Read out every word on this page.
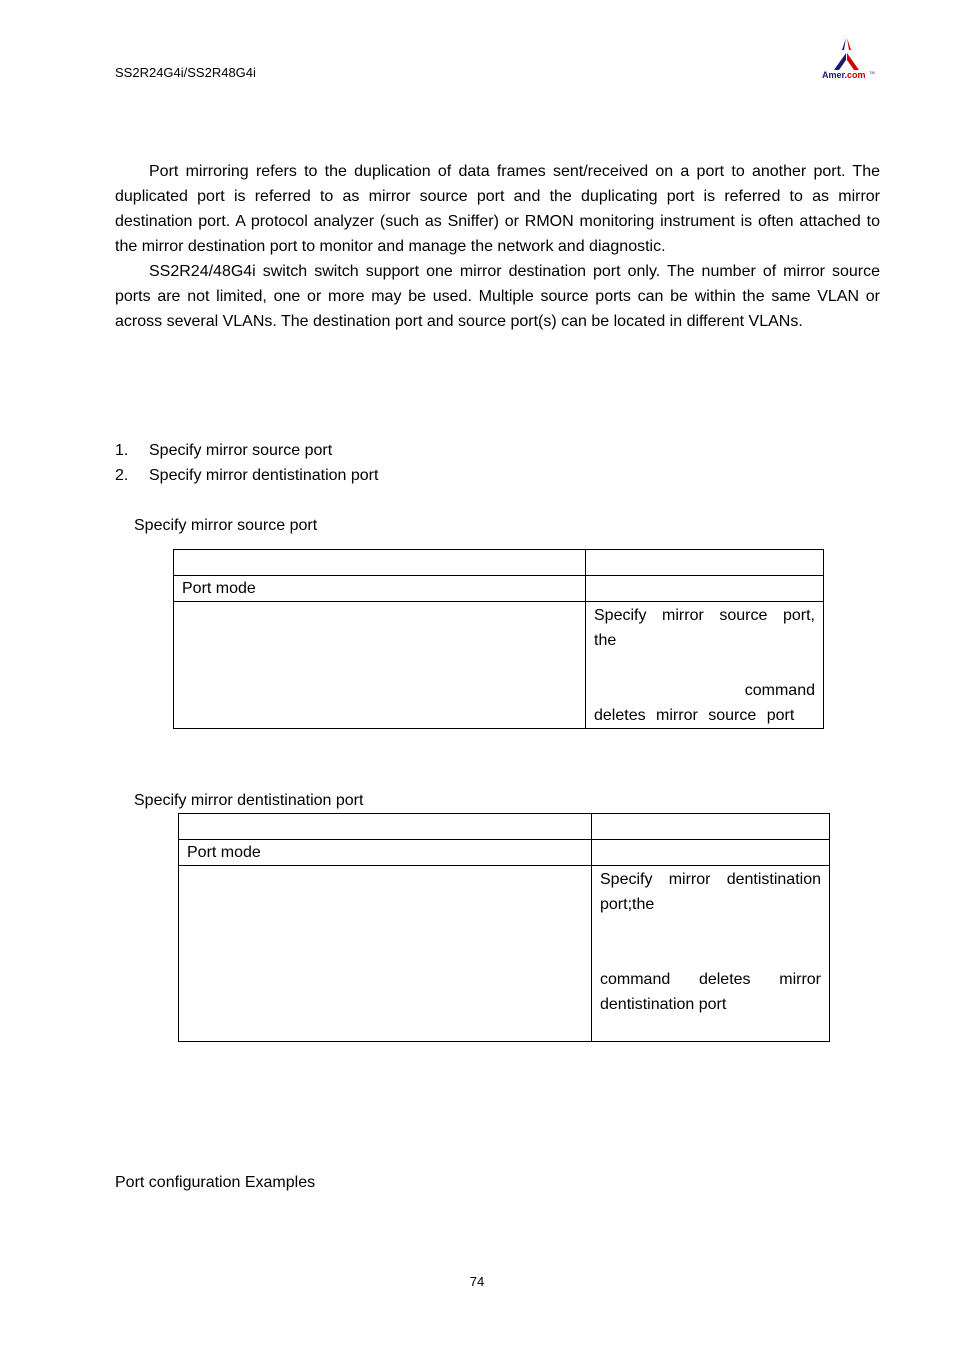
SS2R24G4i/SS2R48G4i	Amer.com TM

Port mirroring refers to the duplication of data frames sent/received on a port to another port. The duplicated port is referred to as mirror source port and the duplicating port is referred to as mirror destination port. A protocol analyzer (such as Sniffer) or RMON monitoring instrument is often attached to the mirror destination port to monitor and manage the network and diagnostic.

SS2R24/48G4i switch switch support one mirror destination port only. The number of mirror source ports are not limited, one or more may be used. Multiple source ports can be within the same VLAN or across several VLANs. The destination port and source port(s) can be located in different VLANs.

1. Specify mirror source port
2. Specify mirror dentistination port
Specify mirror source port

Port mode	

	Specify mirror source port,
the
command
deletes mirror source port
Specify mirror dentistination port

Port mode	

	Specify mirror dentistination
port;the
command deletes mirror
dentistination port
Port configuration Examples
74
